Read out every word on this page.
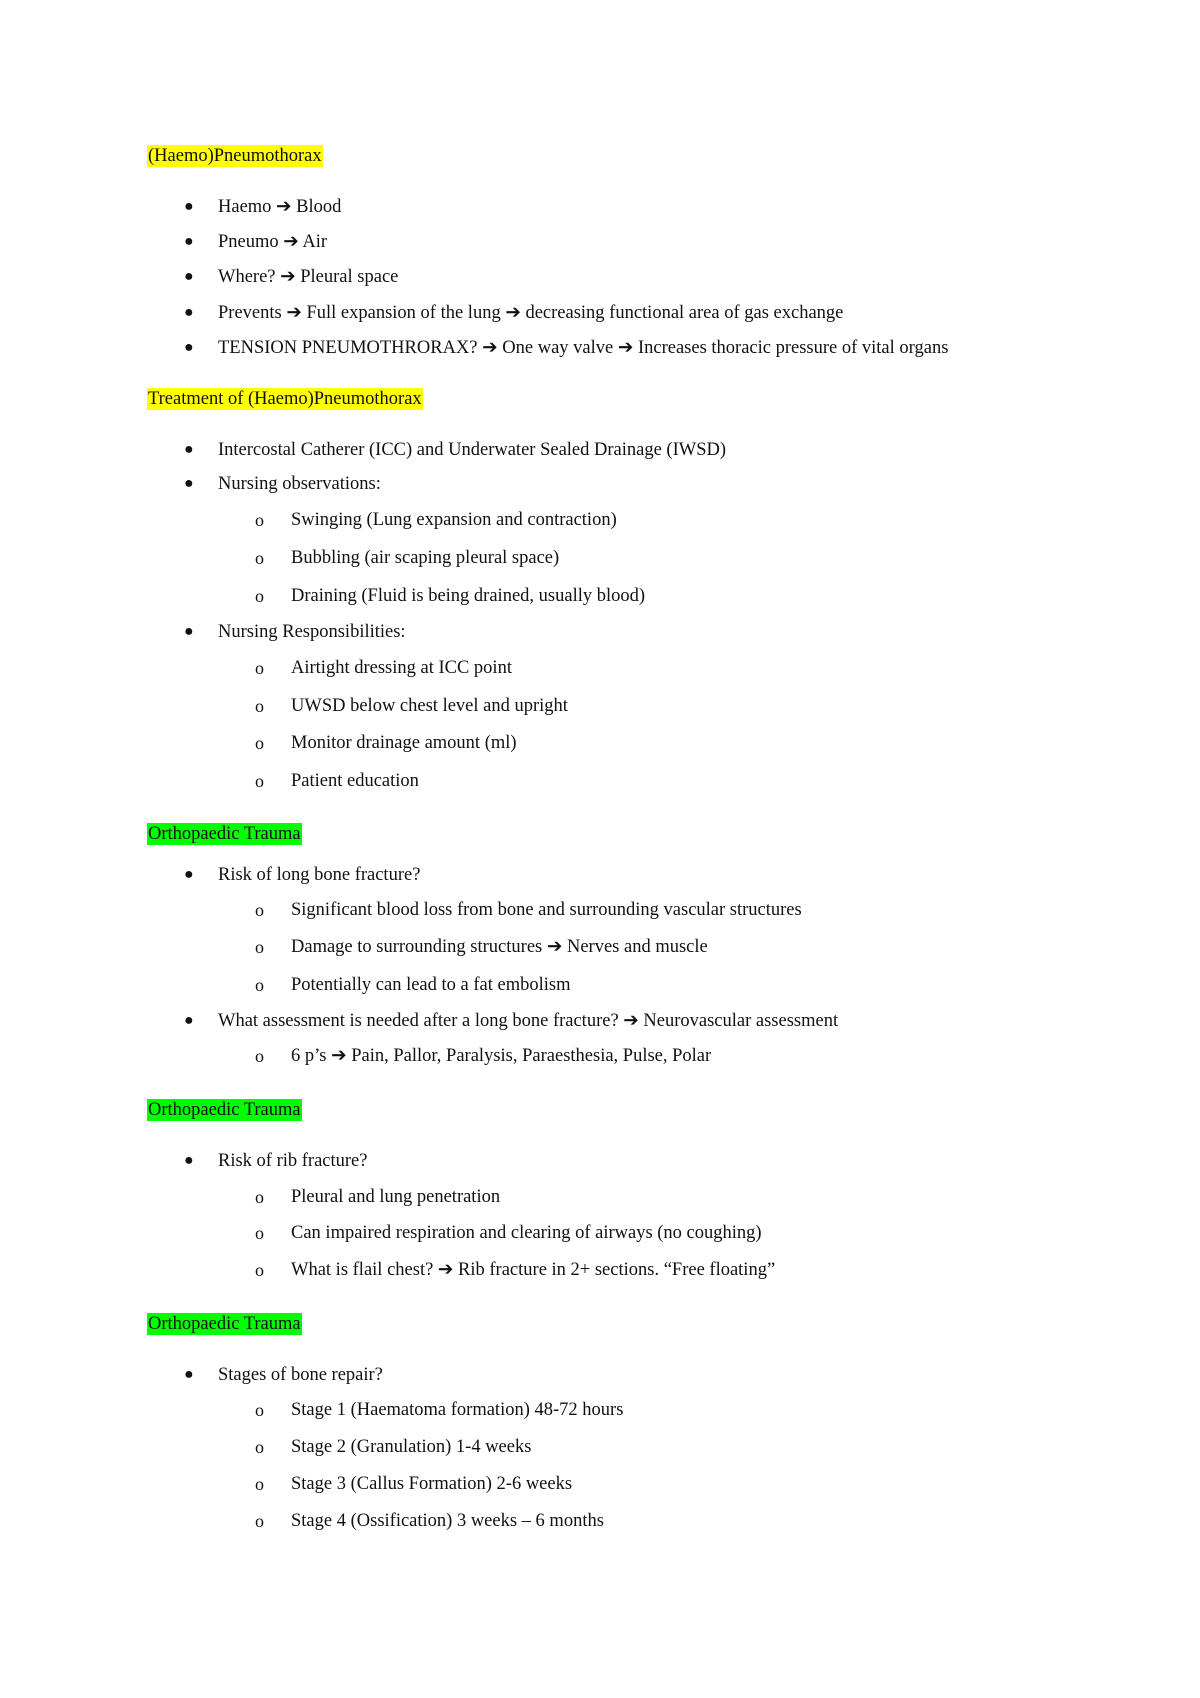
(Haemo)Pneumothorax
● Haemo ➔ Blood
● Pneumo ➔ Air
● Where? ➔ Pleural space
● Prevents ➔ Full expansion of the lung ➔ decreasing functional area of gas exchange
● TENSION PNEUMOTHRORAX? ➔ One way valve ➔ Increases thoracic pressure of vital organs
Treatment of (Haemo)Pneumothorax
● Intercostal Catherer (ICC) and Underwater Sealed Drainage (IWSD)
● Nursing observations:
o Swinging (Lung expansion and contraction)
o Bubbling (air scaping pleural space)
o Draining (Fluid is being drained, usually blood)
● Nursing Responsibilities:
o Airtight dressing at ICC point
o UWSD below chest level and upright
o Monitor drainage amount (ml)
o Patient education
Orthopaedic Trauma
● Risk of long bone fracture?
o Significant blood loss from bone and surrounding vascular structures
o Damage to surrounding structures ➔ Nerves and muscle
o Potentially can lead to a fat embolism
● What assessment is needed after a long bone fracture? ➔ Neurovascular assessment
o 6 p’s ➔ Pain, Pallor, Paralysis, Paraesthesia, Pulse, Polar
Orthopaedic Trauma
● Risk of rib fracture?
o Pleural and lung penetration
o Can impaired respiration and clearing of airways (no coughing)
o What is flail chest? ➔ Rib fracture in 2+ sections. “Free floating”
Orthopaedic Trauma
● Stages of bone repair?
o Stage 1 (Haematoma formation) 48-72 hours
o Stage 2 (Granulation) 1-4 weeks
o Stage 3 (Callus Formation) 2-6 weeks
o Stage 4 (Ossification) 3 weeks – 6 months
